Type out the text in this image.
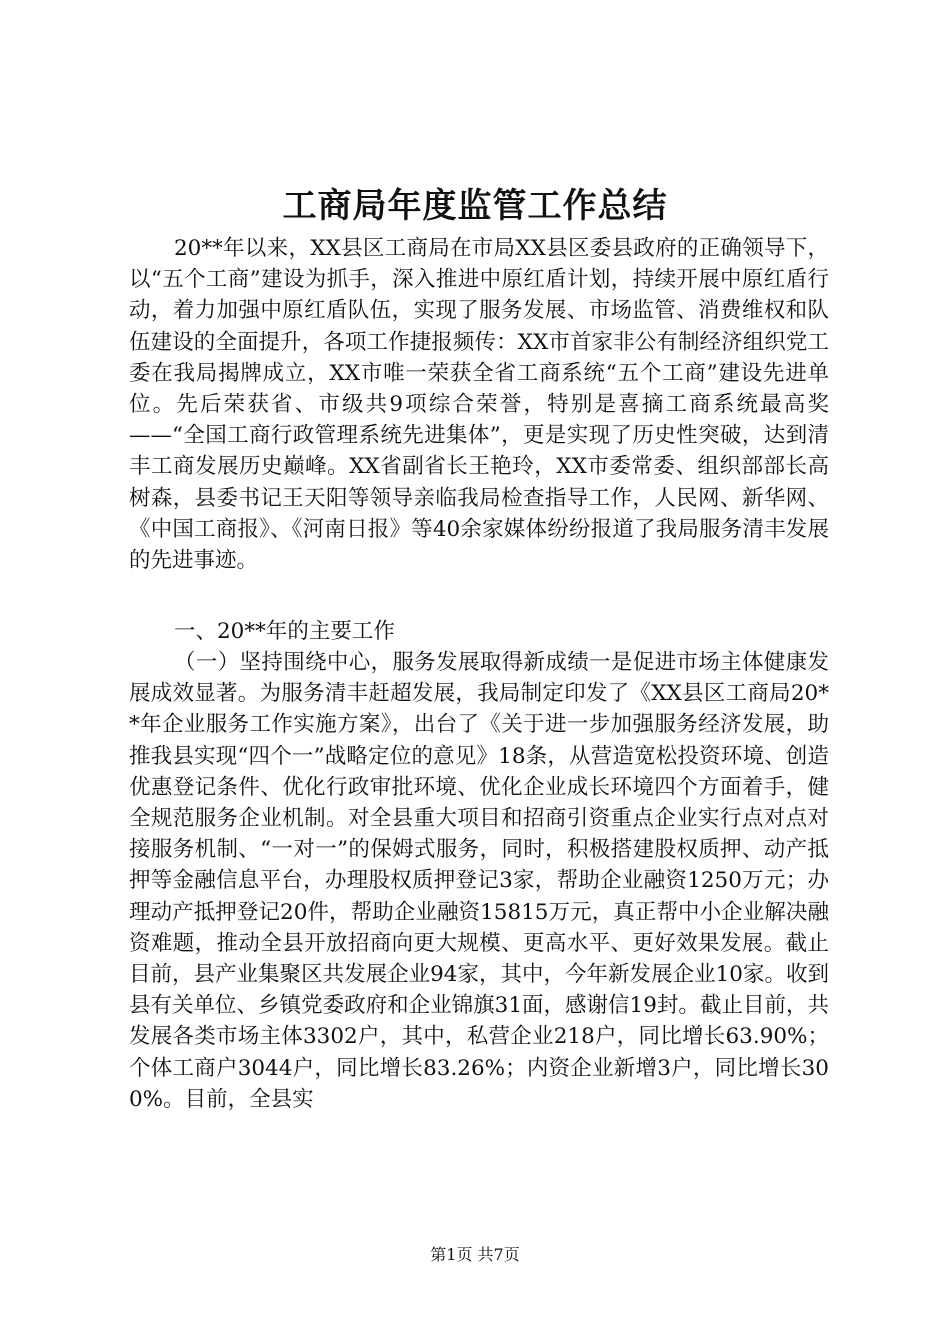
工商局年度监管工作总结
20**年以来，XX县区工商局在市局XX县区委县政府的正确领导下，以“五个工商”建设为抓手，深入推进中原红盾计划，持续开展中原红盾行动，着力加强中原红盾队伍，实现了服务发展、市场监管、消费维权和队伍建设的全面提升，各项工作捷报频传：XX市首家非公有制经济组织党工委在我局揭牌成立，XX市唯一荣获全省工商系统“五个工商”建设先进单位。先后荣获省、市级共9项综合荣誉，特别是喜摘工商系统最高奖——“全国工商行政管理系统先进集体”，更是实现了历史性突破，达到清丰工商发展历史巅峰。XX省副省长王艳玲，XX市委常委、组织部部长高树森，县委书记王天阳等领导亲临我局检查指导工作，人民网、新华网、《中国工商报》、《河南日报》等40余家媒体纷纷报道了我局服务清丰发展的先进事迹。
一、20**年的主要工作
（一）坚持围绕中心，服务发展取得新成绩一是促进市场主体健康发展成效显著。为服务清丰赶超发展，我局制定印发了《XX县区工商局20**年企业服务工作实施方案》，出台了《关于进一步加强服务经济发展，助推我县实现“四个一”战略定位的意见》18条，从营造宽松投资环境、创造优惠登记条件、优化行政审批环境、优化企业成长环境四个方面着手，健全规范服务企业机制。对全县重大项目和招商引资重点企业实行点对点对接服务机制、“一对一”的保姆式服务，同时，积极搭建股权质押、动产抵押等金融信息平台，办理股权质押登记3家，帮助企业融资1250万元；办理动产抵押登记20件，帮助企业融资15815万元，真正帮中小企业解决融资难题，推动全县开放招商向更大规模、更高水平、更好效果发展。截止目前，县产业集聚区共发展企业94家，其中，今年新发展企业10家。收到县有关单位、乡镇党委政府和企业锦旗31面，感谢信19封。截止目前，共发展各类市场主体3302户，其中，私营企业218户，同比增长63.90%；个体工商户3044户，同比增长83.26%；内资企业新增3户，同比增长300%。目前，全县实
第1页 共7页
